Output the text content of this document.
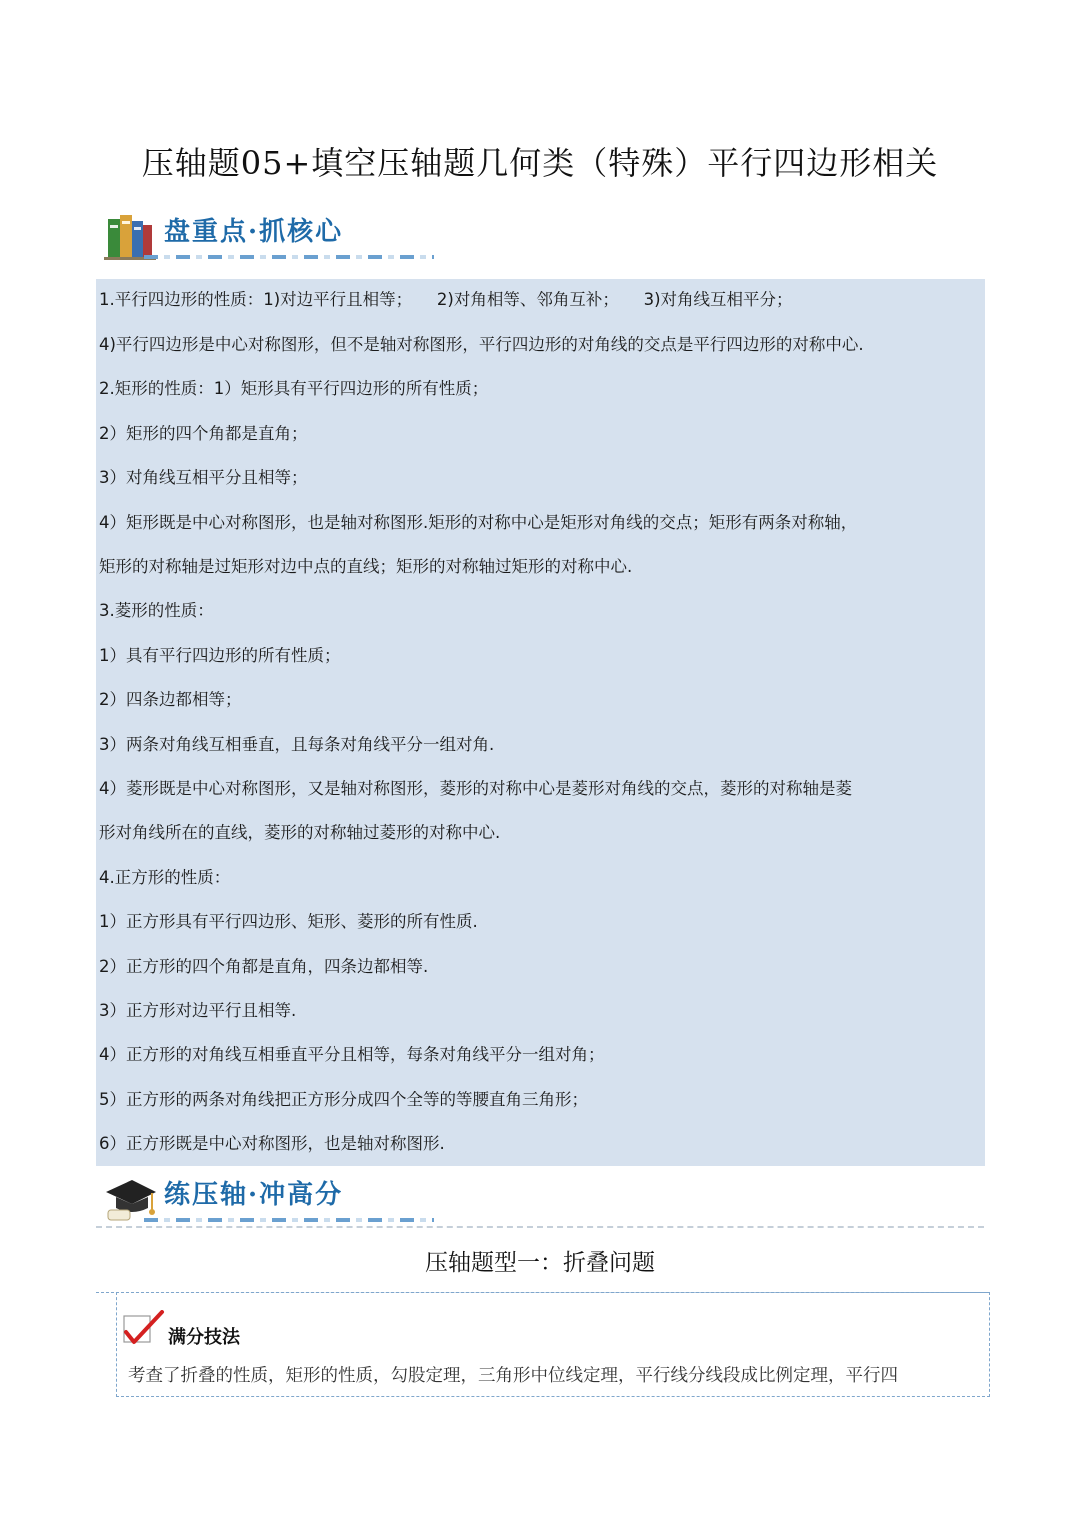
压轴题05+填空压轴题几何类（特殊）平行四边形相关
盘重点·抓核心
1.平行四边形的性质：1)对边平行且相等；　　2)对角相等、邻角互补；　　3)对角线互相平分；
4)平行四边形是中心对称图形，但不是轴对称图形，平行四边形的对角线的交点是平行四边形的对称中心.
2.矩形的性质：1）矩形具有平行四边形的所有性质；
2）矩形的四个角都是直角；
3）对角线互相平分且相等；
4）矩形既是中心对称图形，也是轴对称图形.矩形的对称中心是矩形对角线的交点；矩形有两条对称轴，
矩形的对称轴是过矩形对边中点的直线；矩形的对称轴过矩形的对称中心.
3.菱形的性质：
1）具有平行四边形的所有性质；
2）四条边都相等；
3）两条对角线互相垂直，且每条对角线平分一组对角.
4）菱形既是中心对称图形，又是轴对称图形，菱形的对称中心是菱形对角线的交点，菱形的对称轴是菱
形对角线所在的直线，菱形的对称轴过菱形的对称中心.
4.正方形的性质：
1）正方形具有平行四边形、矩形、菱形的所有性质.
2）正方形的四个角都是直角，四条边都相等.
3）正方形对边平行且相等.
4）正方形的对角线互相垂直平分且相等，每条对角线平分一组对角；
5）正方形的两条对角线把正方形分成四个全等的等腰直角三角形；
6）正方形既是中心对称图形，也是轴对称图形.
练压轴·冲高分
压轴题型一：折叠问题
满分技法
考查了折叠的性质，矩形的性质，勾股定理，三角形中位线定理，平行线分线段成比例定理，平行四
